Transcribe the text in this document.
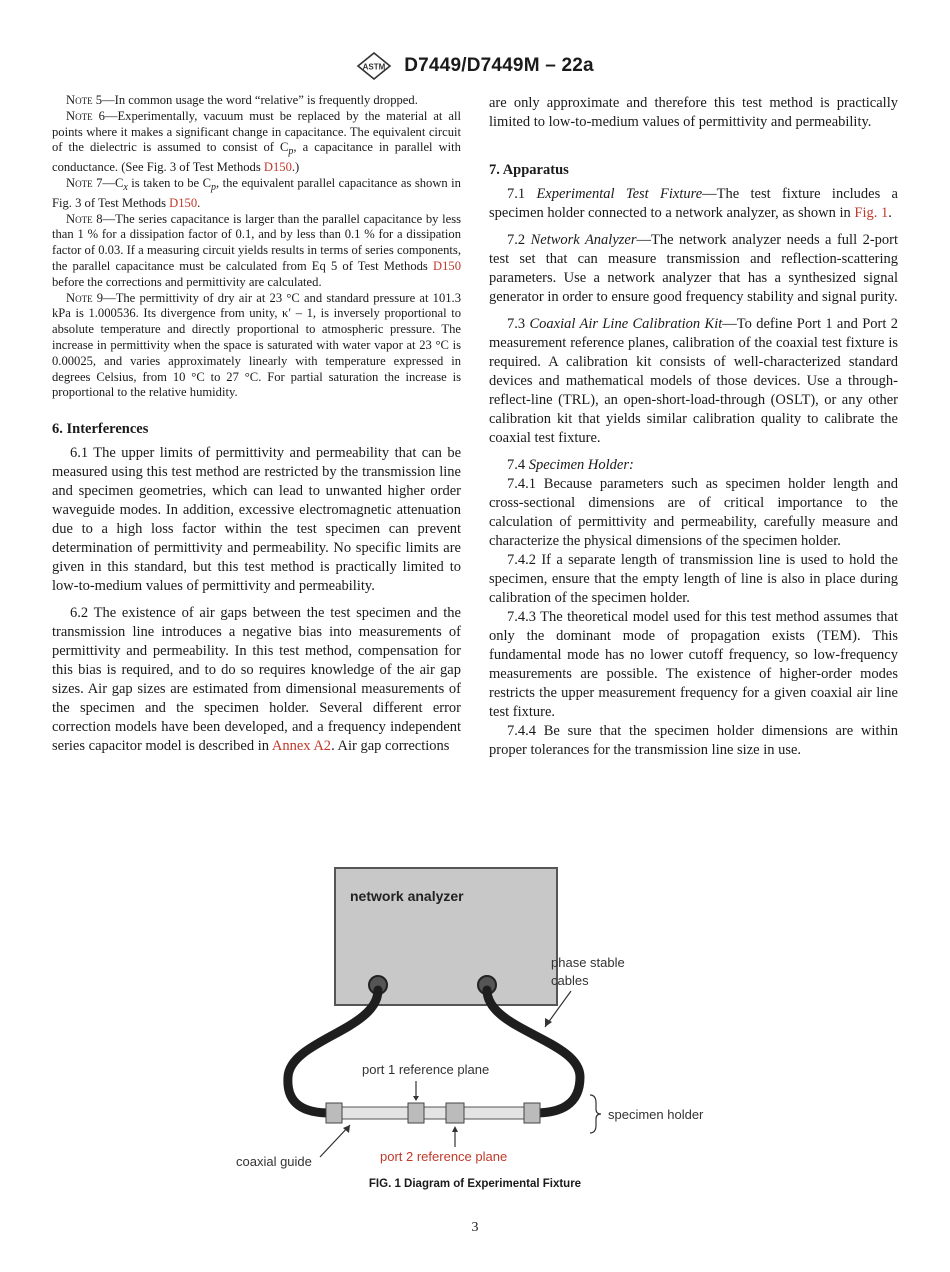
ASTM D7449/D7449M – 22a

Note 5—In common usage the word “relative” is frequently dropped.

Note 6—Experimentally, vacuum must be replaced by the material at all points where it makes a significant change in capacitance. The equivalent circuit of the dielectric is assumed to consist of $C_p$, a capacitance in parallel with conductance. (See Fig. 3 of Test Methods D150.)

Note $7—C_x$ is taken to be $C_p$, the equivalent parallel capacitance as shown in Fig. 3 of Test Methods D150.

Note 8—The series capacitance is larger than the parallel capacitance by less than 1 % for a dissipation factor of 0.1, and by less than 0.1 % for a dissipation factor of 0.03. If a measuring circuit yields results in terms of series components, the parallel capacitance must be calculated from Eq 5 of Test Methods D150 before the corrections and permittivity are calculated.

Note 9—The permittivity of dry air at 23 °C and standard pressure at 101.3 kPa is 1.000536. Its divergence from unity, κ′ – 1, is inversely proportional to absolute temperature and directly proportional to atmospheric pressure. The increase in permittivity when the space is saturated with water vapor at 23 °C is 0.00025, and varies approximately linearly with temperature expressed in degrees Celsius, from 10 °C to 27 °C. For partial saturation the increase is proportional to the relative humidity.

6. Interferences

6.1 The upper limits of permittivity and permeability that can be measured using this test method are restricted by the transmission line and specimen geometries, which can lead to unwanted higher order waveguide modes. In addition, excessive electromagnetic attenuation due to a high loss factor within the test specimen can prevent determination of permittivity and permeability. No specific limits are given in this standard, but this test method is practically limited to low-to-medium values of permittivity and permeability.

6.2 The existence of air gaps between the test specimen and the transmission line introduces a negative bias into measurements of permittivity and permeability. In this test method, compensation for this bias is required, and to do so requires knowledge of the air gap sizes. Air gap sizes are estimated from dimensional measurements of the specimen and the specimen holder. Several different error correction models have been developed, and a frequency independent series capacitor model is described in Annex A2. Air gap corrections

7. Apparatus

7.1 Experimental Test Fixture—The test fixture includes a specimen holder connected to a network analyzer, as shown in Fig. 1.

7.2 Network Analyzer—The network analyzer needs a full 2-port test set that can measure transmission and reflection-scattering parameters. Use a network analyzer that has a synthesized signal generator in order to ensure good frequency stability and signal purity.

7.3 Coaxial Air Line Calibration Kit—To define Port 1 and Port 2 measurement reference planes, calibration of the coaxial test fixture is required. A calibration kit consists of well-characterized standard devices and mathematical models of those devices. Use a through-reflect-line (TRL), an open-short-load-through (OSLT), or any other calibration kit that yields similar calibration quality to calibrate the coaxial test fixture.

7.4 Specimen Holder:

7.4.1 Because parameters such as specimen holder length and cross-sectional dimensions are of critical importance to the calculation of permittivity and permeability, carefully measure and characterize the physical dimensions of the specimen holder.

7.4.2 If a separate length of transmission line is used to hold the specimen, ensure that the empty length of line is also in place during calibration of the specimen holder.

7.4.3 The theoretical model used for this test method assumes that only the dominant mode of propagation exists (TEM). This fundamental mode has no lower cutoff frequency, so low-frequency measurements are possible. The existence of higher-order modes restricts the upper measurement frequency for a given coaxial air line test fixture.

7.4.4 Be sure that the specimen holder dimensions are within proper tolerances for the transmission line size in use.

network analyzer
phase stable
cables
port 1 reference plane
specimen holder
coaxial guide	port 2 reference plane
FIG. 1 Diagram of Experimental Fixture
3

are only approximate and therefore this test method is practically limited to low-to-medium values of permittivity and permeability.
